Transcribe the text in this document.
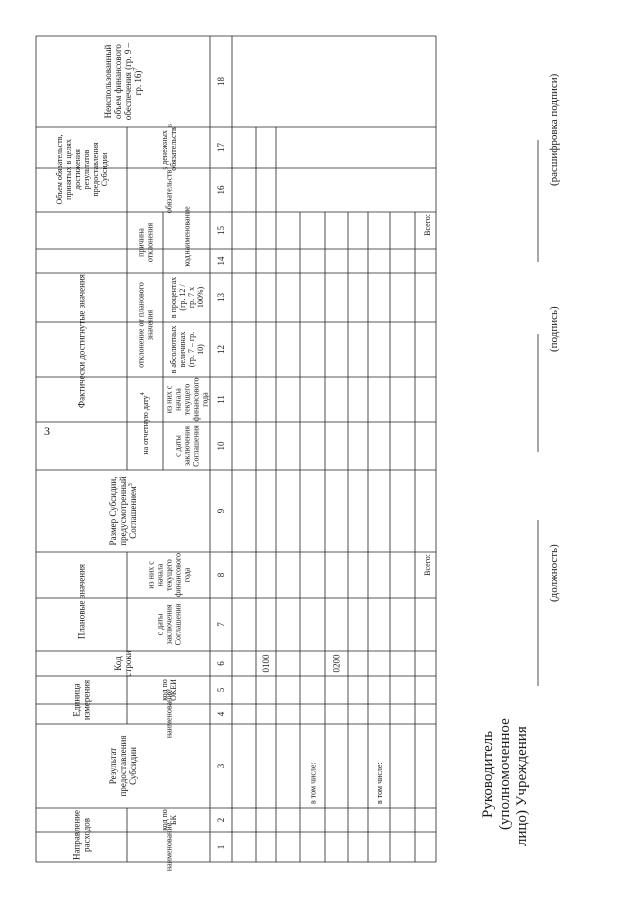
3
Направлениерасходов
РезультатпредоставленияСубсидии
Единицаизмерения
Кодстроки
Плановые значения
Размер Субсидии,предусмотренныйСоглашением$^3$
Фактически достигнутые значения
на отчетную дату$^4$
отклонение от плановогозначения
причинаотклонения
Объем обязательств,принятых в целяхдостижениярезультатовпредоставленияСубсидии
Неиспользованныйобъем финансовогообеспечения (гр. 9 –гр. 16)$^7$
наименование
код поБК
наименование
код поОКЕИ
с датызаключенияСоглашения
из них сначалатекущегофинансовогогода
с датызаключенияСоглашения
из них сначалатекущегофинансовогогода
в абсолютныхвеличинах(гр. 7 – гр.10)
в процентах(гр. 12 /гр. 7 x100%)
код
наименование
обязательств$^5$
денежныхобязательств$^6$
1
2
3
4
5
6
7
8
9
10
11
12
13
14
15
16
17
18
0100
в том числе:
0200
в том числе:
Всего:
Всего:
Руководитель (уполномоченное лицо) Учреждения
(должность)
(подпись)
(расшифровка подписи)
